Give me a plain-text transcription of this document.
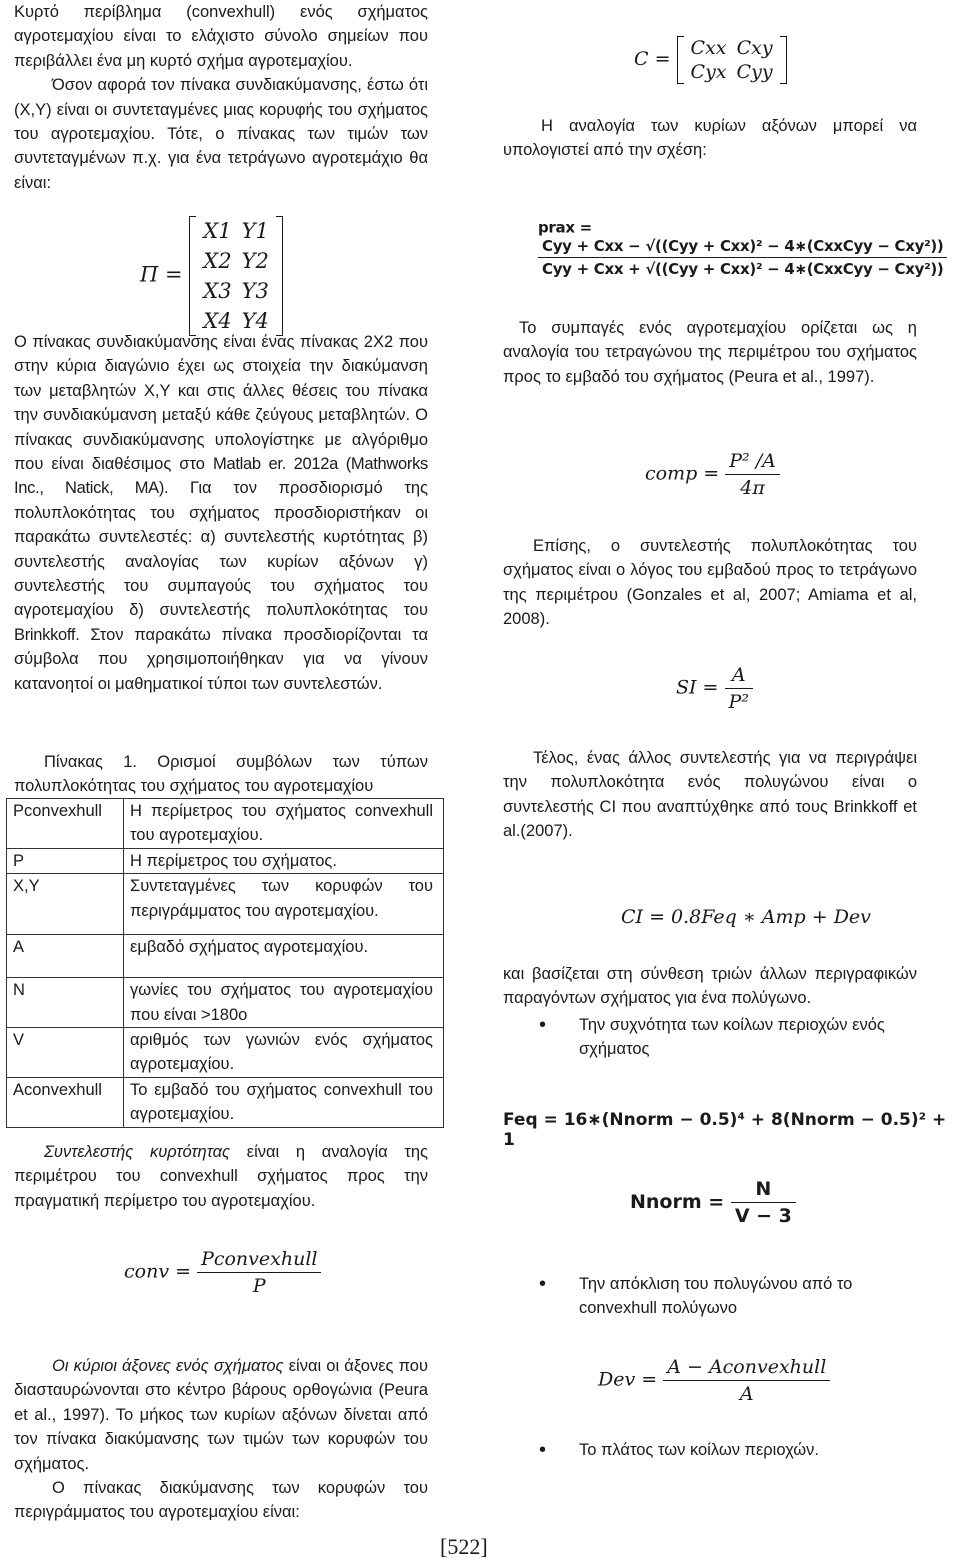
Κυρτό περίβλημα (convexhull) ενός σχήματος αγροτεμαχίου είναι το ελάχιστο σύνολο σημείων που περιβάλλει ένα μη κυρτό σχήμα αγροτεμαχίου.

Όσον αφορά τον πίνακα συνδιακύμανσης, έστω ότι (X,Y) είναι οι συντεταγμένες μιας κορυφής του σχήματος του αγροτεμαχίου. Τότε, ο πίνακας των τιμών των συντεταγμένων π.χ. για ένα τετράγωνο αγροτεμάχιο θα είναι:

Π =
X1 Y1
X2 Y2
X3 Y3
X4 Y4

Ο πίνακας συνδιακύμανσης είναι ένας πίνακας 2X2 που στην κύρια διαγώνιο έχει ως στοιχεία την διακύμανση των μεταβλητών X,Y και στις άλλες θέσεις του πίνακα την συνδιακύμανση μεταξύ κάθε ζεύγους μεταβλητών. Ο πίνακας συνδιακύμανσης υπολογίστηκε με αλγόριθμο που είναι διαθέσιμος στο Matlab er. 2012a (Mathworks Inc., Natick, MA). Για τον προσδιορισμό της πολυπλοκότητας του σχήματος προσδιοριστήκαν οι παρακάτω συντελεστές: α) συντελεστής κυρτότητας β) συντελεστής αναλογίας των κυρίων αξόνων γ) συντελεστής του συμπαγούς του σχήματος του αγροτεμαχίου δ) συντελεστής πολυπλοκότητας του Brinkkoff. Στον παρακάτω πίνακα προσδιορίζονται τα σύμβολα που χρησιμοποιήθηκαν για να γίνουν κατανοητοί οι μαθηματικοί τύποι των συντελεστών.

Πίνακας 1. Ορισμοί συμβόλων των τύπων πολυπλοκότητας του σχήματος του αγροτεμαχίου
Pconvexhull	Η περίμετρος του σχήματος convexhull του αγροτεμαχίου.
P	Η περίμετρος του σχήματος.
X,Y	Συντεταγμένες των κορυφών του περιγράμματος του αγροτεμαχίου.
A	εμβαδό σχήματος αγροτεμαχίου.
N	γωνίες του σχήματος του αγροτεμαχίου που είναι >180ο
V	αριθμός των γωνιών ενός σχήματος αγροτεμαχίου.
Aconvexhull	Το εμβαδό του σχήματος convexhull του αγροτεμαχίου.
Συντελεστής κυρτότητας είναι η αναλογία της περιμέτρου του convexhull σχήματος προς την πραγματική περίμετρο του αγροτεμαχίου.
conv = $\frac{\text{Pconvexhull}}{P}$

Οι κύριοι άξονες ενός σχήματος είναι οι άξονες που διασταυρώνονται στο κέντρο βάρους ορθογώνια (Peura et al., 1997). Το μήκος των κυρίων αξόνων δίνεται από τον πίνακα διακύμανσης των τιμών των κορυφών του σχήματος.

Ο πίνακας διακύμανσης των κορυφών του περιγράμματος του αγροτεμαχίου είναι:

C = Cxx Cxy
Cyx Cyy
Η αναλογία των κυρίων αξόνων μπορεί να υπολογιστεί από την σχέση:
prax =
$\frac{\text{Cyy + Cxx − √((Cyy + Cxx)² − 4∗(CxxCyy − Cxy²))}}{\text{Cyy + Cxx + √((Cyy + Cxx)² − 4∗(CxxCyy − Cxy²))}}$
Το συμπαγές ενός αγροτεμαχίου ορίζεται ως η αναλογία του τετραγώνου της περιμέτρου του σχήματος προς το εμβαδό του σχήματος (Peura et al., 1997).
comp = $\frac{\text{P² /A}}{4\pi}$
Επίσης, ο συντελεστής πολυπλοκότητας του σχήματος είναι ο λόγος του εμβαδού προς το τετράγωνο της περιμέτρου (Gonzales et al, 2007; Amiama et al, 2008).
SI = $\frac{A}{\text{P²}}$
Τέλος, ένας άλλος συντελεστής για να περιγράψει την πολυπλοκότητα ενός πολυγώνου είναι ο συντελεστής CI που αναπτύχθηκε από τους Brinkkoff et al.(2007).
CI = 0.8Feq ∗ Amp + Dev

και βασίζεται στη σύνθεση τριών άλλων περιγραφικών παραγόντων σχήματος για ένα πολύγωνο.

• Την συχνότητα των κοίλων περιοχών ενός σχήματος
Feq = 16∗(Nnorm − 0.5)⁴ + 8(Nnorm − 0.5)² + 1
Nnorm = $\frac{N}{V - 3}$
• Την απόκλιση του πολυγώνου από το convexhull πολύγωνο
Dev = $\frac{\text{A − Aconvexhull}}{A}$
• Το πλάτος των κοίλων περιοχών.
[522]
